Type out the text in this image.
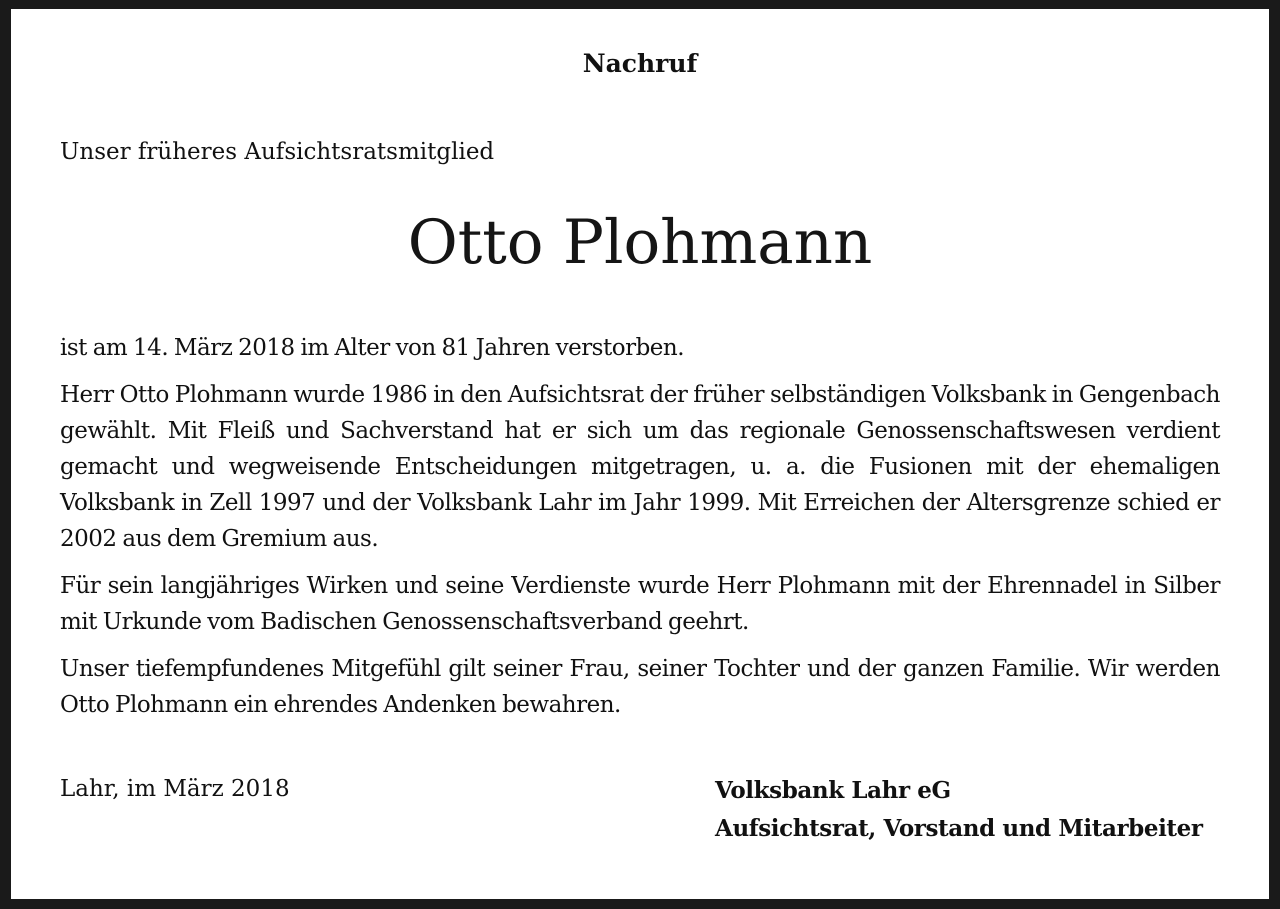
Nachruf
Unser früheres Aufsichtsratsmitglied
Otto Plohmann

ist am 14. März 2018 im Alter von 81 Jahren verstorben.

Herr Otto Plohmann wurde 1986 in den Aufsichtsrat der früher selbständigen Volksbank in Gengenbach gewählt. Mit Fleiß und Sachverstand hat er sich um das regionale Genossenschaftswesen verdient gemacht und wegweisende Entscheidungen mitgetragen, u. a. die Fusionen mit der ehemaligen Volksbank in Zell 1997 und der Volksbank Lahr im Jahr 1999. Mit Erreichen der Altersgrenze schied er 2002 aus dem Gremium aus.

Für sein langjähriges Wirken und seine Verdienste wurde Herr Plohmann mit der Ehrennadel in Silber mit Urkunde vom Badischen Genossenschaftsverband geehrt.

Unser tiefempfundenes Mitgefühl gilt seiner Frau, seiner Tochter und der ganzen Familie. Wir werden Otto Plohmann ein ehrendes Andenken bewahren.

Lahr, im März 2018	Volksbank Lahr eG
Aufsichtsrat, Vorstand und Mitarbeiter
